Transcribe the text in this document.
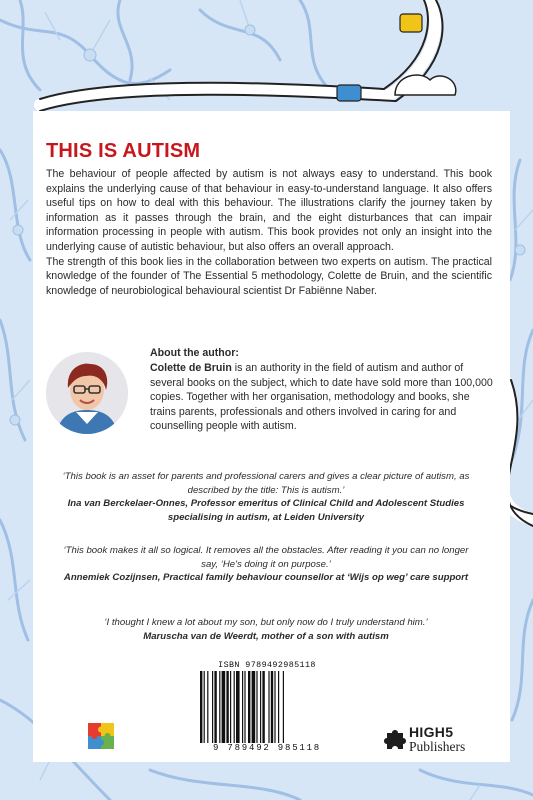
THIS IS AUTISM

The behaviour of people affected by autism is not always easy to understand. This book explains the underlying cause of that behaviour in easy-to-understand language. It also offers useful tips on how to deal with this behaviour. The illustrations clarify the journey taken by information as it passes through the brain, and the eight disturbances that can impair information processing in people with autism. This book provides not only an insight into the underlying cause of autistic behaviour, but also offers an overall approach.

The strength of this book lies in the collaboration between two experts on autism. The practical knowledge of the founder of The Essential 5 methodology, Colette de Bruin, and the scientific knowledge of neurobiological behavioural scientist Dr Fabiënne Naber.

About the author:

Colette de Bruin is an authority in the field of autism and author of several books on the subject, which to date have sold more than 100,000 copies. Together with her organisation, methodology and books, she trains parents, professionals and others involved in caring for and counselling people with autism.

‘This book is an asset for parents and professional carers and gives a clear picture of autism, as described by the title: This is autism.’
Ina van Berckelaer-Onnes, Professor emeritus of Clinical Child and Adolescent Studies specialising in autism, at Leiden University
‘This book makes it all so logical. It removes all the obstacles. After reading it you can no longer say, ‘He's doing it on purpose.’
Annemiek Cozijnsen, Practical family behaviour counsellor at ‘Wijs op weg’ care support
‘I thought I knew a lot about my son, but only now do I truly understand him.’
Maruscha van de Weerdt, mother of a son with autism
ISBN 9789492985118
9 789492 985118
HIGH5
Publishers
